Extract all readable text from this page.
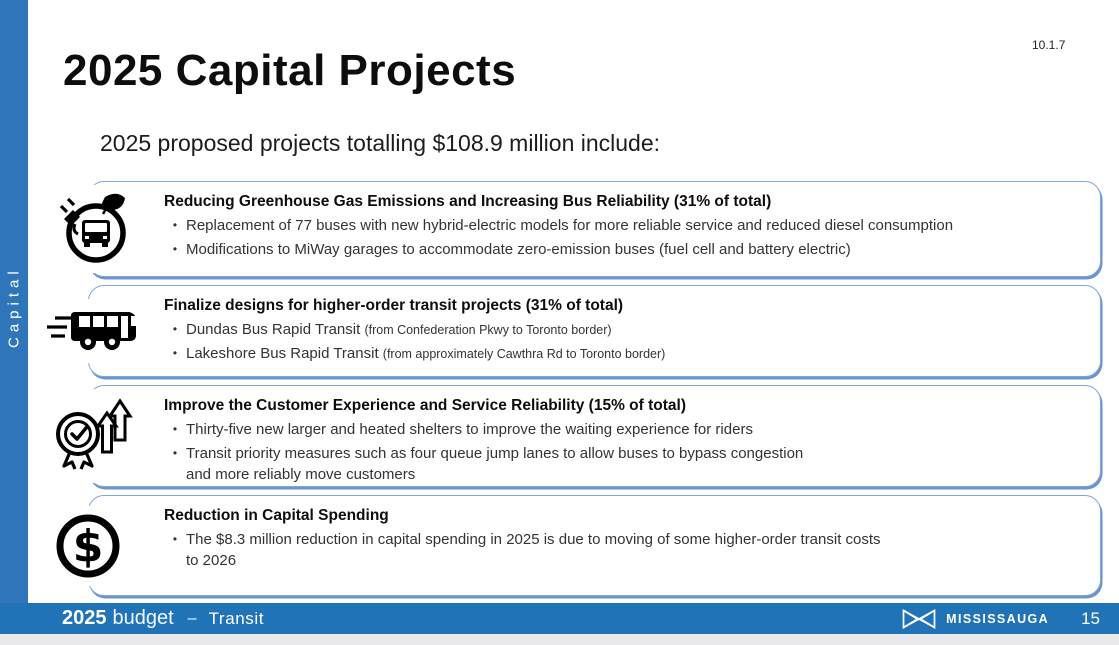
Capital
10.1.7
2025 Capital Projects

2025 proposed projects totalling $108.9 million include:

Reducing Greenhouse Gas Emissions and Increasing Bus Reliability (31% of total)

• Replacement of 77 buses with new hybrid-electric models for more reliable service and reduced diesel consumption
• Modifications to MiWay garages to accommodate zero-emission buses (fuel cell and battery electric)

Finalize designs for higher-order transit projects (31% of total)

• Dundas Bus Rapid Transit (from Confederation Pkwy to Toronto border)
• Lakeshore Bus Rapid Transit (from approximately Cawthra Rd to Toronto border)

Improve the Customer Experience and Service Reliability (15% of total)

• Thirty-five new larger and heated shelters to improve the waiting experience for riders
• Transit priority measures such as four queue jump lanes to allow buses to bypass congestion and more reliably move customers
$

Reduction in Capital Spending

• The $8.3 million reduction in capital spending in 2025 is due to moving of some higher-order transit costs to 2026
2025 budget – Transit	MISSISSAUGA 15
